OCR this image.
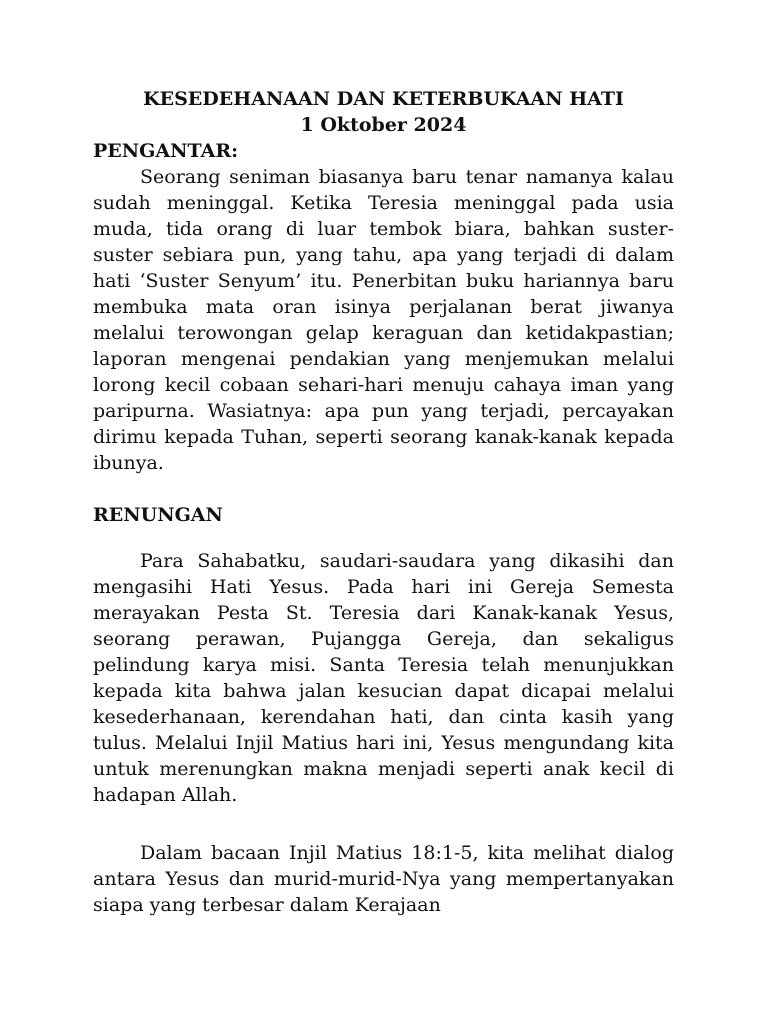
KESEDEHANAAN DAN KETERBUKAAN HATI

1 Oktober 2024

PENGANTAR:

Seorang seniman biasanya baru tenar namanya kalau sudah meninggal. Ketika Teresia meninggal pada usia muda, tida orang di luar tembok biara, bahkan suster-suster sebiara pun, yang tahu, apa yang terjadi di dalam hati ‘Suster Senyum’ itu. Penerbitan buku hariannya baru membuka mata oran isinya perjalanan berat jiwanya melalui terowongan gelap keraguan dan ketidakpastian; laporan mengenai pendakian yang menjemukan melalui lorong kecil cobaan sehari-hari menuju cahaya iman yang paripurna. Wasiatnya: apa pun yang terjadi, percayakan dirimu kepada Tuhan, seperti seorang kanak-kanak kepada ibunya.

RENUNGAN

Para Sahabatku, saudari-saudara yang dikasihi dan mengasihi Hati Yesus. Pada hari ini Gereja Semesta merayakan Pesta St. Teresia dari Kanak-kanak Yesus, seorang perawan, Pujangga Gereja, dan sekaligus pelindung karya misi. Santa Teresia telah menunjukkan kepada kita bahwa jalan kesucian dapat dicapai melalui kesederhanaan, kerendahan hati, dan cinta kasih yang tulus. Melalui Injil Matius hari ini, Yesus mengundang kita untuk merenungkan makna menjadi seperti anak kecil di hadapan Allah.

Dalam bacaan Injil Matius 18:1-5, kita melihat dialog antara Yesus dan murid-murid-Nya yang mempertanyakan siapa yang terbesar dalam Kerajaan
